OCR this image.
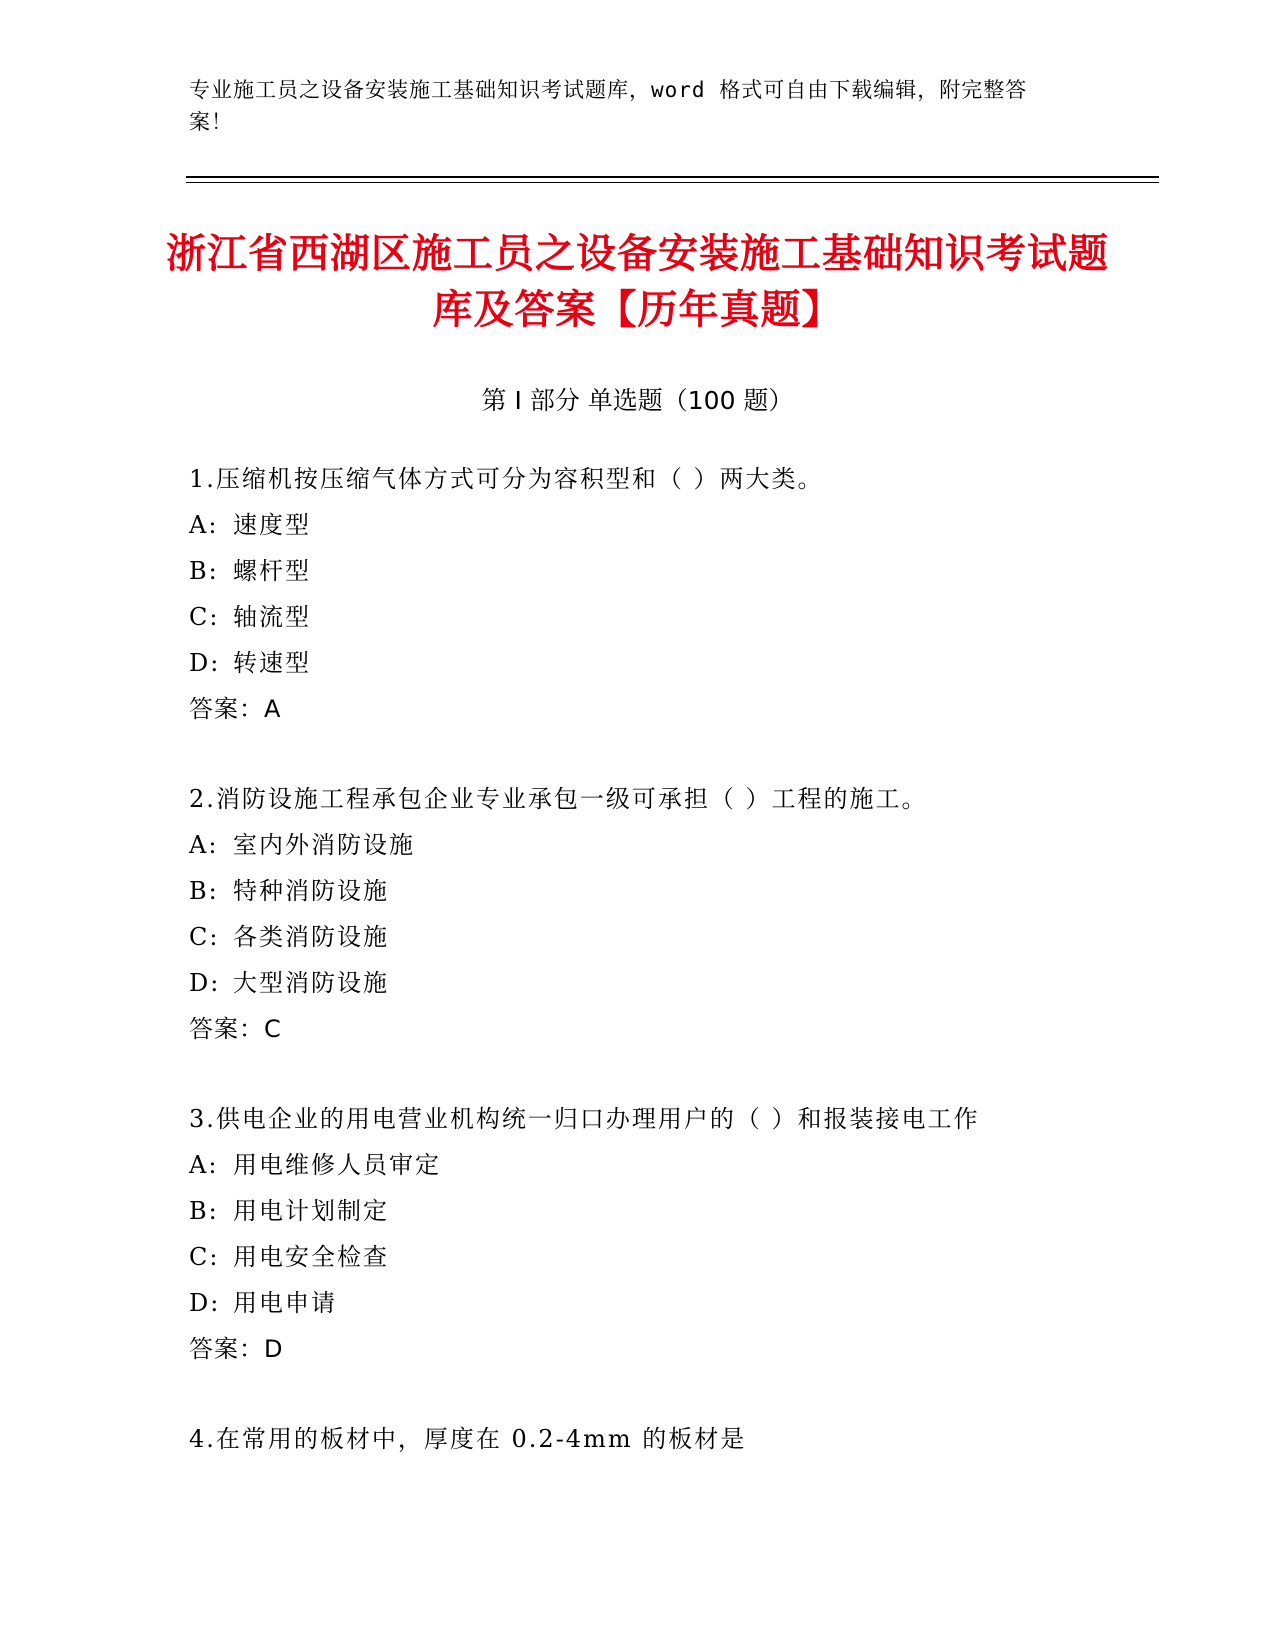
专业施工员之设备安装施工基础知识考试题库，word 格式可自由下载编辑，附完整答案！
浙江省西湖区施工员之设备安装施工基础知识考试题库及答案【历年真题】
第 I 部分 单选题（100 题）
1.压缩机按压缩气体方式可分为容积型和（ ）两大类。
A: 速度型
B: 螺杆型
C: 轴流型
D: 转速型
答案：A
2.消防设施工程承包企业专业承包一级可承担（ ）工程的施工。
A: 室内外消防设施
B: 特种消防设施
C: 各类消防设施
D: 大型消防设施
答案：C
3.供电企业的用电营业机构统一归口办理用户的（ ）和报装接电工作
A: 用电维修人员审定
B: 用电计划制定
C: 用电安全检查
D: 用电申请
答案：D
4.在常用的板材中，厚度在 0.2-4mm 的板材是
